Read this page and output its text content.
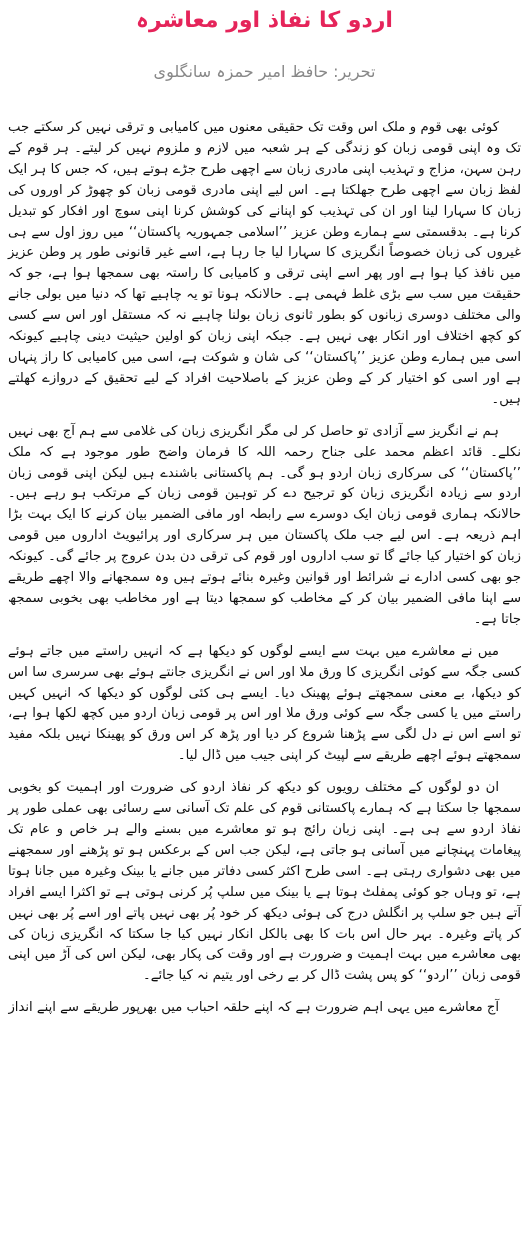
اردو کا نفاذ اور معاشرہ
تحریر: حافظ امیر حمزہ سانگلوی

کوئی بھی قوم و ملک اس وقت تک حقیقی معنوں میں کامیابی و ترقی نہیں کر سکتے جب تک وہ اپنی قومی زبان کو زندگی کے ہر شعبہ میں لازم و ملزوم نہیں کر لیتے۔ ہر قوم کے رہن سہن، مزاج و تہذیب اپنی مادری زبان سے اچھی طرح جڑے ہوتے ہیں، کہ جس کا ہر ایک لفظ زبان سے اچھی طرح جھلکتا ہے۔ اس لیے اپنی مادری قومی زبان کو چھوڑ کر اوروں کی زبان کا سہارا لینا اور ان کی تہذیب کو اپنانے کی کوشش کرنا اپنی سوچ اور افکار کو تبدیل کرنا ہے۔ بدقسمتی سے ہمارے وطن عزیز ’’اسلامی جمہوریہ پاکستان‘‘ میں روز اول سے ہی غیروں کی زبان خصوصاً انگریزی کا سہارا لیا جا رہا ہے، اسے غیر قانونی طور پر وطن عزیز میں نافذ کیا ہوا ہے اور پھر اسے اپنی ترقی و کامیابی کا راستہ بھی سمجھا ہوا ہے، جو کہ حقیقت میں سب سے بڑی غلط فہمی ہے۔ حالانکہ ہونا تو یہ چاہیے تھا کہ دنیا میں بولی جانے والی مختلف دوسری زبانوں کو بطور ثانوی زبان بولنا چاہیے نہ کہ مستقل اور اس سے کسی کو کچھ اختلاف اور انکار بھی نہیں ہے۔ جبکہ اپنی زبان کو اولین حیثیت دینی چاہیے کیونکہ اسی میں ہمارے وطن عزیز ’’پاکستان‘‘ کی شان و شوکت ہے، اسی میں کامیابی کا راز پنہاں ہے اور اسی کو اختیار کر کے وطن عزیز کے باصلاحیت افراد کے لیے تحقیق کے دروازے کھلتے ہیں۔

ہم نے انگریز سے آزادی تو حاصل کر لی مگر انگریزی زبان کی غلامی سے ہم آج بھی نہیں نکلے۔ قائد اعظم محمد علی جناح رحمہ اللہ کا فرمان واضح طور موجود ہے کہ ملک ’’پاکستان‘‘ کی سرکاری زبان اردو ہو گی۔ ہم پاکستانی باشندے ہیں لیکن اپنی قومی زبان اردو سے زیادہ انگریزی زبان کو ترجیح دے کر توہین قومی زبان کے مرتکب ہو رہے ہیں۔ حالانکہ ہماری قومی زبان ایک دوسرے سے رابطہ اور مافی الضمیر بیان کرنے کا ایک بہت بڑا اہم ذریعہ ہے۔ اس لیے جب ملک پاکستان میں ہر سرکاری اور پرائیویٹ اداروں میں قومی زبان کو اختیار کیا جائے گا تو سب اداروں اور قوم کی ترقی دن بدن عروج پر جائے گی۔ کیونکہ جو بھی کسی ادارے نے شرائط اور قوانین وغیرہ بنائے ہوتے ہیں وہ سمجھانے والا اچھے طریقے سے اپنا مافی الضمیر بیان کر کے مخاطب کو سمجھا دیتا ہے اور مخاطب بھی بخوبی سمجھ جاتا ہے۔

میں نے معاشرے میں بہت سے ایسے لوگوں کو دیکھا ہے کہ انہیں راستے میں جاتے ہوئے کسی جگہ سے کوئی انگریزی کا ورق ملا اور اس نے انگریزی جانتے ہوئے بھی سرسری سا اس کو دیکھا، بے معنی سمجھتے ہوئے پھینک دیا۔ ایسے ہی کئی لوگوں کو دیکھا کہ انہیں کہیں راستے میں یا کسی جگہ سے کوئی ورق ملا اور اس پر قومی زبان اردو میں کچھ لکھا ہوا ہے، تو اسے اس نے دل لگی سے پڑھنا شروع کر دیا اور پڑھ کر اس ورق کو پھینکا نہیں بلکہ مفید سمجھتے ہوئے اچھے طریقے سے لپیٹ کر اپنی جیب میں ڈال لیا۔

ان دو لوگوں کے مختلف رویوں کو دیکھ کر نفاذ اردو کی ضرورت اور اہمیت کو بخوبی سمجھا جا سکتا ہے کہ ہمارے پاکستانی قوم کی علم تک آسانی سے رسائی بھی عملی طور پر نفاذ اردو سے ہی ہے۔ اپنی زبان رائج ہو تو معاشرے میں بسنے والے ہر خاص و عام تک پیغامات پہنچانے میں آسانی ہو جاتی ہے، لیکن جب اس کے برعکس ہو تو پڑھنے اور سمجھنے میں بھی دشواری رہتی ہے۔ اسی طرح اکثر کسی دفاتر میں جانے یا بینک وغیرہ میں جانا ہوتا ہے، تو وہاں جو کوئی پمفلٹ ہوتا ہے یا بینک میں سلپ پُر کرنی ہوتی ہے تو اکثرا ایسے افراد آتے ہیں جو سلپ پر انگلش درج کی ہوئی دیکھ کر خود پُر بھی نہیں پاتے اور اسے پُر بھی نہیں کر پاتے وغیرہ۔ بہر حال اس بات کا بھی بالکل انکار نہیں کیا جا سکتا کہ انگریزی زبان کی بھی معاشرے میں بہت اہمیت و ضرورت ہے اور وقت کی پکار بھی، لیکن اس کی آڑ میں اپنی قومی زبان ’’اردو‘‘ کو پس پشت ڈال کر بے رخی اور یتیم نہ کیا جائے۔

آج معاشرے میں یہی اہم ضرورت ہے کہ اپنے حلقہ احباب میں بھرپور طریقے سے اپنے انداز
